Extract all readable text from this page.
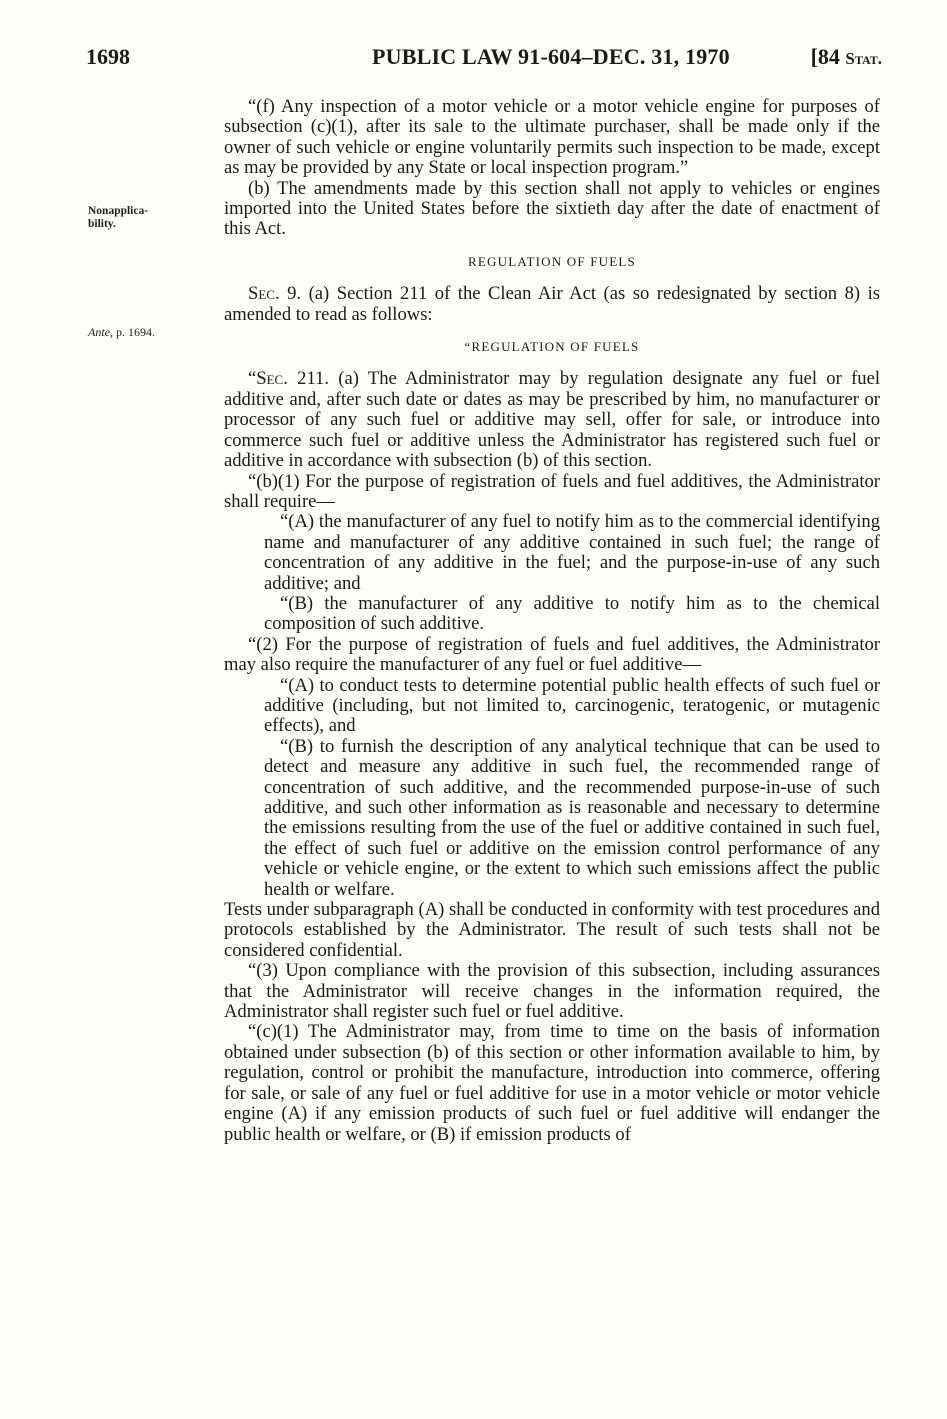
1698	PUBLIC LAW 91-604–DEC. 31, 1970	[84 Stat.
Nonapplica-
bility.
Ante, p. 1694.

“(f) Any inspection of a motor vehicle or a motor vehicle engine for purposes of subsection (c)(1), after its sale to the ultimate purchaser, shall be made only if the owner of such vehicle or engine voluntarily permits such inspection to be made, except as may be provided by any State or local inspection program.”

(b) The amendments made by this section shall not apply to vehicles or engines imported into the United States before the sixtieth day after the date of enactment of this Act.

REGULATION OF FUELS

Sec. 9. (a) Section 211 of the Clean Air Act (as so redesignated by section 8) is amended to read as follows:

“REGULATION OF FUELS

“Sec. 211. (a) The Administrator may by regulation designate any fuel or fuel additive and, after such date or dates as may be prescribed by him, no manufacturer or processor of any such fuel or additive may sell, offer for sale, or introduce into commerce such fuel or additive unless the Administrator has registered such fuel or additive in accordance with subsection (b) of this section.

“(b)(1) For the purpose of registration of fuels and fuel additives, the Administrator shall require—

“(A) the manufacturer of any fuel to notify him as to the commercial identifying name and manufacturer of any additive contained in such fuel; the range of concentration of any additive in the fuel; and the purpose-in-use of any such additive; and

“(B) the manufacturer of any additive to notify him as to the chemical composition of such additive.

“(2) For the purpose of registration of fuels and fuel additives, the Administrator may also require the manufacturer of any fuel or fuel additive—

“(A) to conduct tests to determine potential public health effects of such fuel or additive (including, but not limited to, carcinogenic, teratogenic, or mutagenic effects), and

“(B) to furnish the description of any analytical technique that can be used to detect and measure any additive in such fuel, the recommended range of concentration of such additive, and the recommended purpose-in-use of such additive, and such other information as is reasonable and necessary to determine the emissions resulting from the use of the fuel or additive contained in such fuel, the effect of such fuel or additive on the emission control performance of any vehicle or vehicle engine, or the extent to which such emissions affect the public health or welfare.

Tests under subparagraph (A) shall be conducted in conformity with test procedures and protocols established by the Administrator. The result of such tests shall not be considered confidential.

“(3) Upon compliance with the provision of this subsection, including assurances that the Administrator will receive changes in the information required, the Administrator shall register such fuel or fuel additive.

“(c)(1) The Administrator may, from time to time on the basis of information obtained under subsection (b) of this section or other information available to him, by regulation, control or prohibit the manufacture, introduction into commerce, offering for sale, or sale of any fuel or fuel additive for use in a motor vehicle or motor vehicle engine (A) if any emission products of such fuel or fuel additive will endanger the public health or welfare, or (B) if emission products of
